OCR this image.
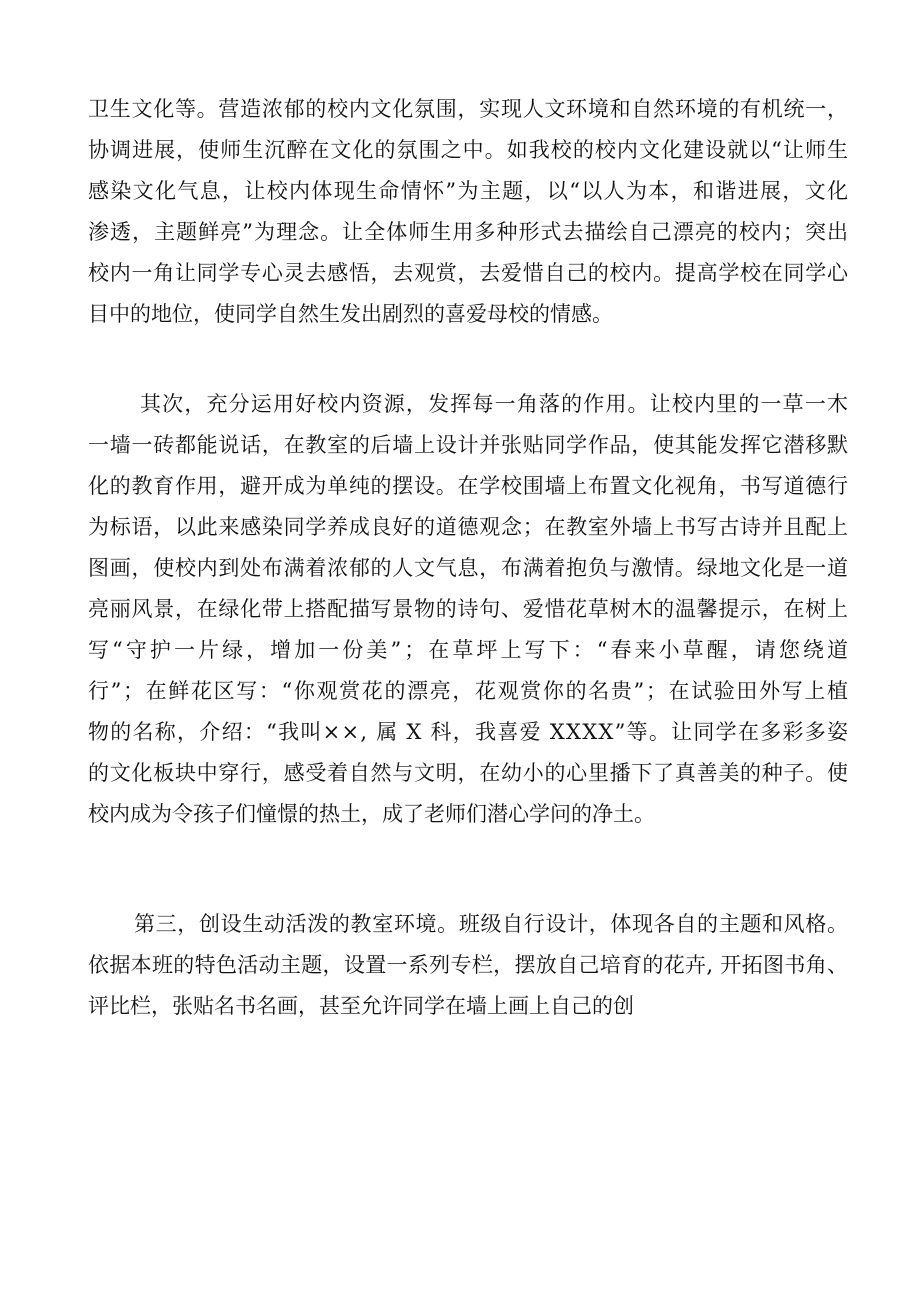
卫生文化等。营造浓郁的校内文化氛围，实现人文环境和自然环境的有机统一，
协调进展，使师生沉醉在文化的氛围之中。如我校的校内文化建设就以“让师生
感染文化气息，让校内体现生命情怀”为主题，以“以人为本，和谐进展，文化
渗透，主题鲜亮”为理念。让全体师生用多种形式去描绘自己漂亮的校内；突出
校内一角让同学专心灵去感悟，去观赏，去爱惜自己的校内。提高学校在同学心
目中的地位，使同学自然生发出剧烈的喜爱母校的情感。
其次，充分运用好校内资源，发挥每一角落的作用。让校内里的一草一木
一墙一砖都能说话，在教室的后墙上设计并张贴同学作品，使其能发挥它潜移默
化的教育作用，避开成为单纯的摆设。在学校围墙上布置文化视角，书写道德行
为标语，以此来感染同学养成良好的道德观念；在教室外墙上书写古诗并且配上
图画，使校内到处布满着浓郁的人文气息，布满着抱负与激情。绿地文化是一道
亮丽风景，在绿化带上搭配描写景物的诗句、爱惜花草树木的温馨提示，在树上
写“守护一片绿，增加一份美”；在草坪上写下：“春来小草醒，请您绕道
行”；在鲜花区写：“你观赏花的漂亮，花观赏你的名贵”；在试验田外写上植
物的名称，介绍：“我叫××, 属 X 科，我喜爱 XXXX”等。让同学在多彩多姿
的文化板块中穿行，感受着自然与文明，在幼小的心里播下了真善美的种子。使
校内成为令孩子们憧憬的热土，成了老师们潜心学问的净土。
第三，创设生动活泼的教室环境。班级自行设计，体现各自的主题和风格。
依据本班的特色活动主题，设置一系列专栏，摆放自己培育的花卉, 开拓图书角、
评比栏，张贴名书名画，甚至允许同学在墙上画上自己的创
